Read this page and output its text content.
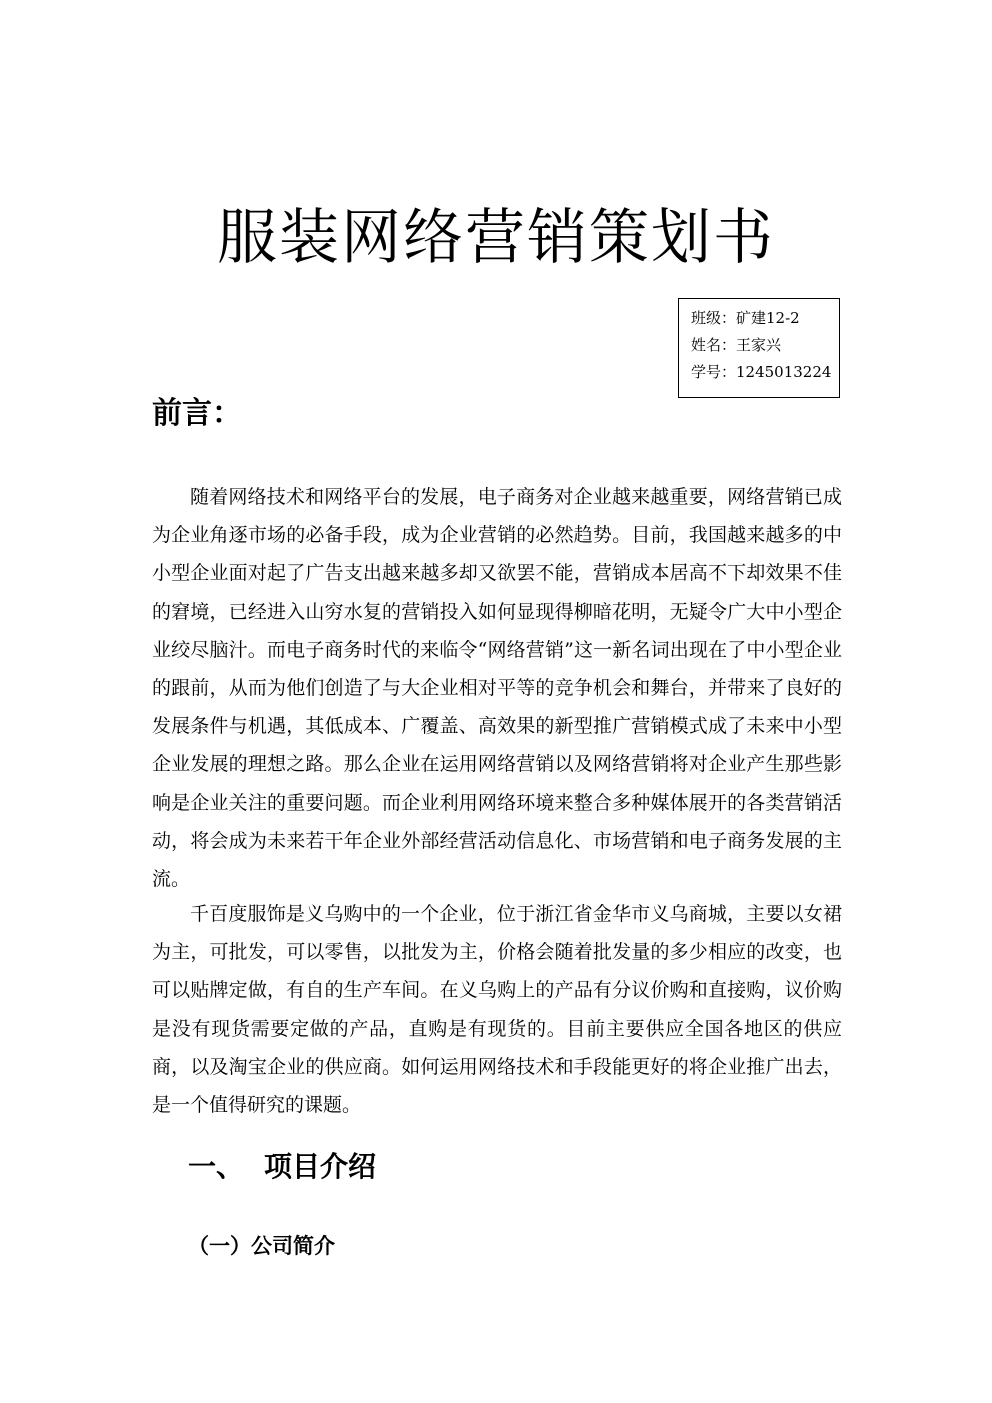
服装网络营销策划书
班级：矿建12-2
姓名：王家兴
学号：1245013224
前言：

随着网络技术和网络平台的发展，电子商务对企业越来越重要，网络营销已成为企业角逐市场的必备手段，成为企业营销的必然趋势。目前，我国越来越多的中小型企业面对起了广告支出越来越多却又欲罢不能，营销成本居高不下却效果不佳的窘境，已经进入山穷水复的营销投入如何显现得柳暗花明，无疑令广大中小型企业绞尽脑汁。而电子商务时代的来临令“网络营销”这一新名词出现在了中小型企业的跟前，从而为他们创造了与大企业相对平等的竞争机会和舞台，并带来了良好的发展条件与机遇，其低成本、广覆盖、高效果的新型推广营销模式成了未来中小型企业发展的理想之路。那么企业在运用网络营销以及网络营销将对企业产生那些影响是企业关注的重要问题。而企业利用网络环境来整合多种媒体展开的各类营销活动，将会成为未来若干年企业外部经营活动信息化、市场营销和电子商务发展的主流。

千百度服饰是义乌购中的一个企业，位于浙江省金华市义乌商城，主要以女裙为主，可批发，可以零售，以批发为主，价格会随着批发量的多少相应的改变，也可以贴牌定做，有自的生产车间。在义乌购上的产品有分议价购和直接购，议价购是没有现货需要定做的产品，直购是有现货的。目前主要供应全国各地区的供应商，以及淘宝企业的供应商。如何运用网络技术和手段能更好的将企业推广出去，是一个值得研究的课题。

一、 项目介绍
（一）公司简介
